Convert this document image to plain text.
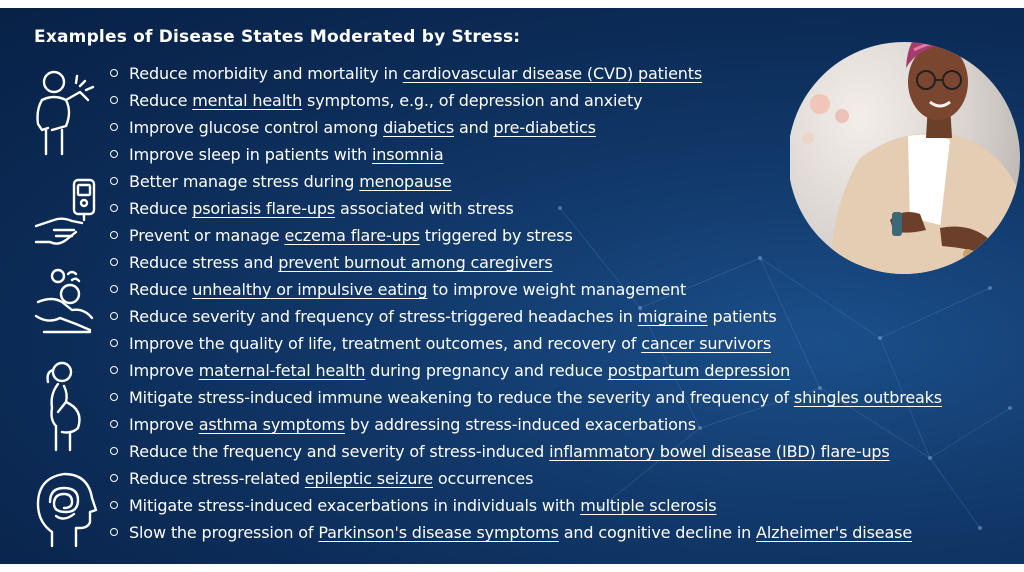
Examples of Disease States Moderated by Stress:
Reduce morbidity and mortality in cardiovascular disease (CVD) patients
Reduce mental health symptoms, e.g., of depression and anxiety
Improve glucose control among diabetics and pre-diabetics
Improve sleep in patients with insomnia
Better manage stress during menopause
Reduce psoriasis flare-ups associated with stress
Prevent or manage eczema flare-ups triggered by stress
Reduce stress and prevent burnout among caregivers
Reduce unhealthy or impulsive eating to improve weight management
Reduce severity and frequency of stress-triggered headaches in migraine patients
Improve the quality of life, treatment outcomes, and recovery of cancer survivors
Improve maternal-fetal health during pregnancy and reduce postpartum depression
Mitigate stress-induced immune weakening to reduce the severity and frequency of shingles outbreaks
Improve asthma symptoms by addressing stress-induced exacerbations
Reduce the frequency and severity of stress-induced inflammatory bowel disease (IBD) flare-ups
Reduce stress-related epileptic seizure occurrences
Mitigate stress-induced exacerbations in individuals with multiple sclerosis
Slow the progression of Parkinson's disease symptoms and cognitive decline in Alzheimer's disease
